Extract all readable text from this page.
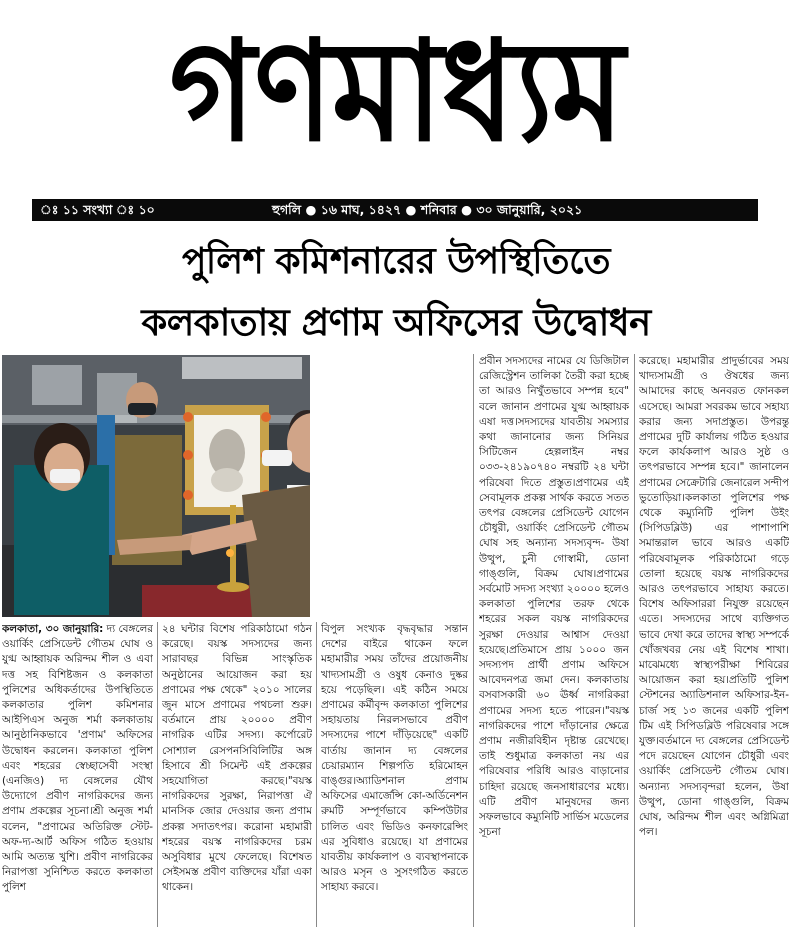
গণমাধ্যম
ঃ ১১ সংখ্যা ঃ ১০	হুগলি ● ১৬ মাঘ, ১৪২৭ ● শনিবার ● ৩০ জানুয়ারি, ২০২১
পুলিশ কমিশনারের উপস্থিতিতে
কলকাতায় প্রণাম অফিসের উদ্বোধন
কলকাতা, ৩০ জানুয়ারি: দ্য বেঙ্গলের ওয়ার্কিং প্রেসিডেন্ট গৌতম ঘোষ ও যুগ্ম আহ্বায়ক অরিন্দম শীল ও এবা দত্ত সহ বিশিষ্টজন ও কলকাতা পুলিশের অধিকর্তাদের উপস্থিতিতে কলকাতার পুলিশ কমিশনার আইপিএস অনুজ শর্মা কলকাতায় আনুষ্ঠানিকভাবে 'প্রণাম' অফিসের উদ্বোধন করলেন। কলকাতা পুলিশ এবং শহরের স্বেচ্ছাসেবী সংস্থা (এনজিও) দ্য বেঙ্গলের যৌথ উদ্যোগে প্রবীণ নাগরিকদের জন্য প্রণাম প্রকল্পের সূচনা।শ্রী অনুজ শর্মা বলেন, "প্রণামের অতিরিক্ত স্টেট-অফ-দ্য-আর্ট অফিস গঠিত হওয়ায় আমি অত্যন্ত খুশি। প্রবীণ নাগরিকের নিরাপত্তা সুনিশ্চিত করতে কলকাতা পুলিশ
২৪ ঘন্টার বিশেষ পরিকাঠামো গঠন করেছে। বয়স্ক সদস্যদের জন্য সারাবছর বিভিন্ন সাংস্কৃতিক অনুষ্ঠানের আয়োজন করা হয় প্রণামের পক্ষ থেকে" ২০১০ সালের জুন মাসে প্রণামের পথচলা শুরু। বর্তমানে প্রায় ২০০০০ প্রবীণ নাগরিক এটির সদস্য। কর্পোরেট সোশ্যাল রেসপনসিবিলিটির অঙ্গ হিসাবে শ্রী সিমেন্ট এই প্রকল্পের সহযোগিতা করছে।"বয়স্ক নাগরিকদের সুরক্ষা, নিরাপত্তা ঐ মানসিক জোর দেওয়ার জন্য প্রণাম প্রকল্প সদাতৎপর। করোনা মহামারী শহরের বয়স্ক নাগরিকদের চরম অসুবিধার মুখে ফেলেছে। বিশেষত সেইসমস্ত প্রবীণ ব্যক্তিদের যাঁরা একা থাকেন।
বিপুল সংখ্যক বৃদ্ধবৃদ্ধার সন্তান দেশের বাইরে থাকেন ফলে মহামারীর সময় তাঁদের প্রয়োজনীয় খাদ্যসামগ্রী ও ওষুধ কেনাও দুষ্কর হয়ে পড়েছিল। এই কঠিন সময়ে প্রণামের কর্মীবৃন্দ কলকাতা পুলিশের সহায়তায় নিরলসভাবে প্রবীণ সদস্যদের পাশে দাঁড়িয়েছে" একটি বার্তায় জানান দ্য বেঙ্গলের চেয়ারম্যান শিল্পপতি হরিমোহন বাঙ্গুর।অ্যাডিশনাল প্রণাম অফিসের এমার্জেন্সি কো-অর্ডিনেশন রুমটি সম্পূর্ণভাবে কম্পিউটার চালিত এবং ভিডিও কনফারেন্সিং এর সুবিধাও রয়েছে। যা প্রণামের যাবতীয় কার্যকলাপ ও ব্যবস্থাপনাকে আরও মসৃন ও সুসংগঠিত করতে সাহায্য করবে।
প্রবীন সদস্যদের নামের যে ডিজিটাল রেজিস্ট্রেশন তালিকা তৈরী করা হচ্ছে তা আরও নিখুঁতভাবে সম্পন্ন হবে" বলে জানান প্রণামের যুগ্ম আহ্বায়ক এষা দত্ত।সদস্যদের যাবতীয় সমস্যার কথা জানানোর জন্য সিনিয়র সিটিজেন হেল্পলাইন নম্বর ০৩৩-২৪১৯০৭৪০ নম্বরটি ২৪ ঘন্টা পরিষেবা দিতে প্রস্তুত।প্রণামের এই সেবামূলক প্রকল্প সার্থক করতে সতত তৎপর বেঙ্গলের প্রেসিডেন্ট যোগেন চৌধুরী, ওয়ার্কিং প্রেসিডেন্ট গৌতম ঘোষ সহ অন্যান্য সদস্যবৃন্দ- উষা উত্থুপ, চুনী গোস্বামী, ডোনা গাঙ্গুলি, বিক্রম ঘোষ।প্রণামের সর্বমোট সদস্য সংখ্যা ২০০০০ হলেও কলকাতা পুলিশের তরফ থেকে শহরের সকল বয়স্ক নাগরিকদের সুরক্ষা দেওয়ার আশ্বাস দেওয়া হয়েছে।প্রতিমাসে প্রায় ১০০০ জন সদস্যপদ প্রার্থী প্রণাম অফিসে আবেদনপত্র জমা দেন। কলকাতায় বসবাসকারী ৬০ ঊর্ধ্ব নাগরিকরা প্রণামের সদস্য হতে পারেন।"বয়স্ক নাগরিকদের পাশে দাঁড়ানোর ক্ষেত্রে প্রণাম নজীরবিহীন দৃষ্টান্ত রেখেছে। তাই শুধুমাত্র কলকাতা নয় এর পরিষেবার পরিধি আরও বাড়ানোর চাহিদা রয়েছে জনসাধারণের মধ্যে। এটি প্রবীণ মানুষদের জন্য সফলভাবে কম্যুনিটি সার্ভিস মডেলের সূচনা
করেছে। মহামারীর প্রাদুর্ভাবের সময় খাদ্যসামগ্রী ও ঔষধের জন্য আমাদের কাছে অনবরত ফোনকল এসেছে। আমরা সবরকম ভাবে সহায্য করার জন্য সদাপ্রস্তুত। উপরন্তু প্রণামের দুটি কার্যালয় গঠিত হওয়ার ফলে কার্যকলাপ আরও সুষ্ঠ ও তৎপরভাবে সম্পন্ন হবে।" জানালেন প্রণামের সেক্রেটারি জেনারেল সন্দীপ ভুতোড়িয়া।কলকাতা পুলিশের পক্ষ থেকে কম্যুনিটি পুলিশ উইং (সিপিডব্লিউ) এর পাশাপাশি সমান্তরাল ভাবে আরও একটি পরিষেবামূলক পরিকাঠামো গড়ে তোলা হয়েছে বয়স্ক নাগরিকদের আরও তৎপরভাবে সাহায্য করতে। বিশেষ অফিসাররা নিযুক্ত রয়েছেন এতে। সদস্যদের সাথে ব্যক্তিগত ভাবে দেখা করে তাদের স্বাস্থ্য সম্পর্কে খোঁজখবর নেয় এই বিশেষ শাখা। মাঝেমধ্যে স্বাস্থ্যপরীক্ষা শিবিরের আয়োজন করা হয়।প্রতিটি পুলিশ স্টেশনের অ্যাডিশনাল অফিসার-ইন-চার্জ সহ ১৩ জনের একটি পুলিশ টিম এই সিপিডব্লিউ পরিষেবার সঙ্গে যুক্ত।বর্তমানে দ্য বেঙ্গলের প্রেসিডেন্ট পদে রয়েছেন যোগেন চৌধুরী এবং ওয়ার্কিং প্রেসিডেন্ট গৌতম ঘোষ। অন্যান্য সদস্যবৃন্দরা হলেন, উষা উত্থুপ, ডোনা গাঙ্গুলি, বিক্রম ঘোষ, অরিন্দম শীল এবং অগ্নিমিত্রা পল।
